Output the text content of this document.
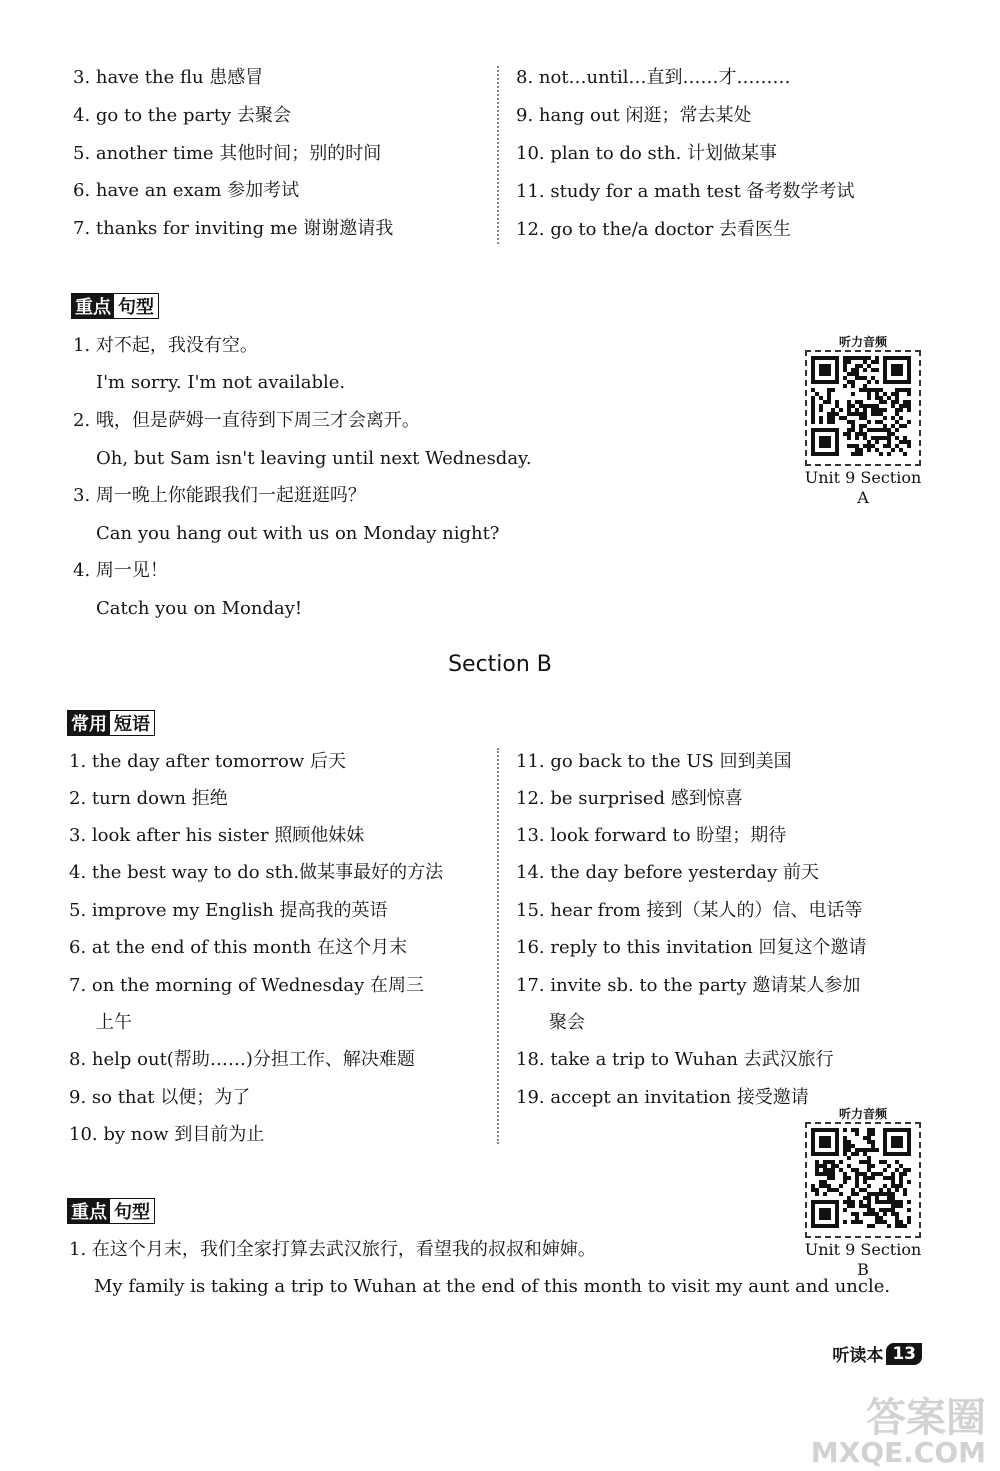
3. have the flu 患感冒
4. go to the party 去聚会
5. another time 其他时间；别的时间
6. have an exam 参加考试
7. thanks for inviting me 谢谢邀请我
8. not…until…直到……才………
9. hang out 闲逛；常去某处
10. plan to do sth. 计划做某事
11. study for a math test 备考数学考试
12. go to the/a doctor 去看医生
重点 句型
1. 对不起，我没有空。
I'm sorry. I'm not available.
2. 哦，但是萨姆一直待到下周三才会离开。
Oh, but Sam isn't leaving until next Wednesday.
3. 周一晚上你能跟我们一起逛逛吗？
Can you hang out with us on Monday night?
4. 周一见！
Catch you on Monday!
听力音频
Unit 9 Section A
Section B
常用 短语
1. the day after tomorrow 后天
2. turn down 拒绝
3. look after his sister 照顾他妹妹
4. the best way to do sth.做某事最好的方法
5. improve my English 提高我的英语
6. at the end of this month 在这个月末
7. on the morning of Wednesday 在周三
上午
8. help out(帮助……)分担工作、解决难题
9. so that 以便；为了
10. by now 到目前为止
11. go back to the US 回到美国
12. be surprised 感到惊喜
13. look forward to 盼望；期待
14. the day before yesterday 前天
15. hear from 接到（某人的）信、电话等
16. reply to this invitation 回复这个邀请
17. invite sb. to the party 邀请某人参加
聚会
18. take a trip to Wuhan 去武汉旅行
19. accept an invitation 接受邀请
听力音频
Unit 9 Section B
重点 句型
1. 在这个月末，我们全家打算去武汉旅行，看望我的叔叔和婶婶。
My family is taking a trip to Wuhan at the end of this month to visit my aunt and uncle.
听读本 13
答案圈
MXQE.COM
